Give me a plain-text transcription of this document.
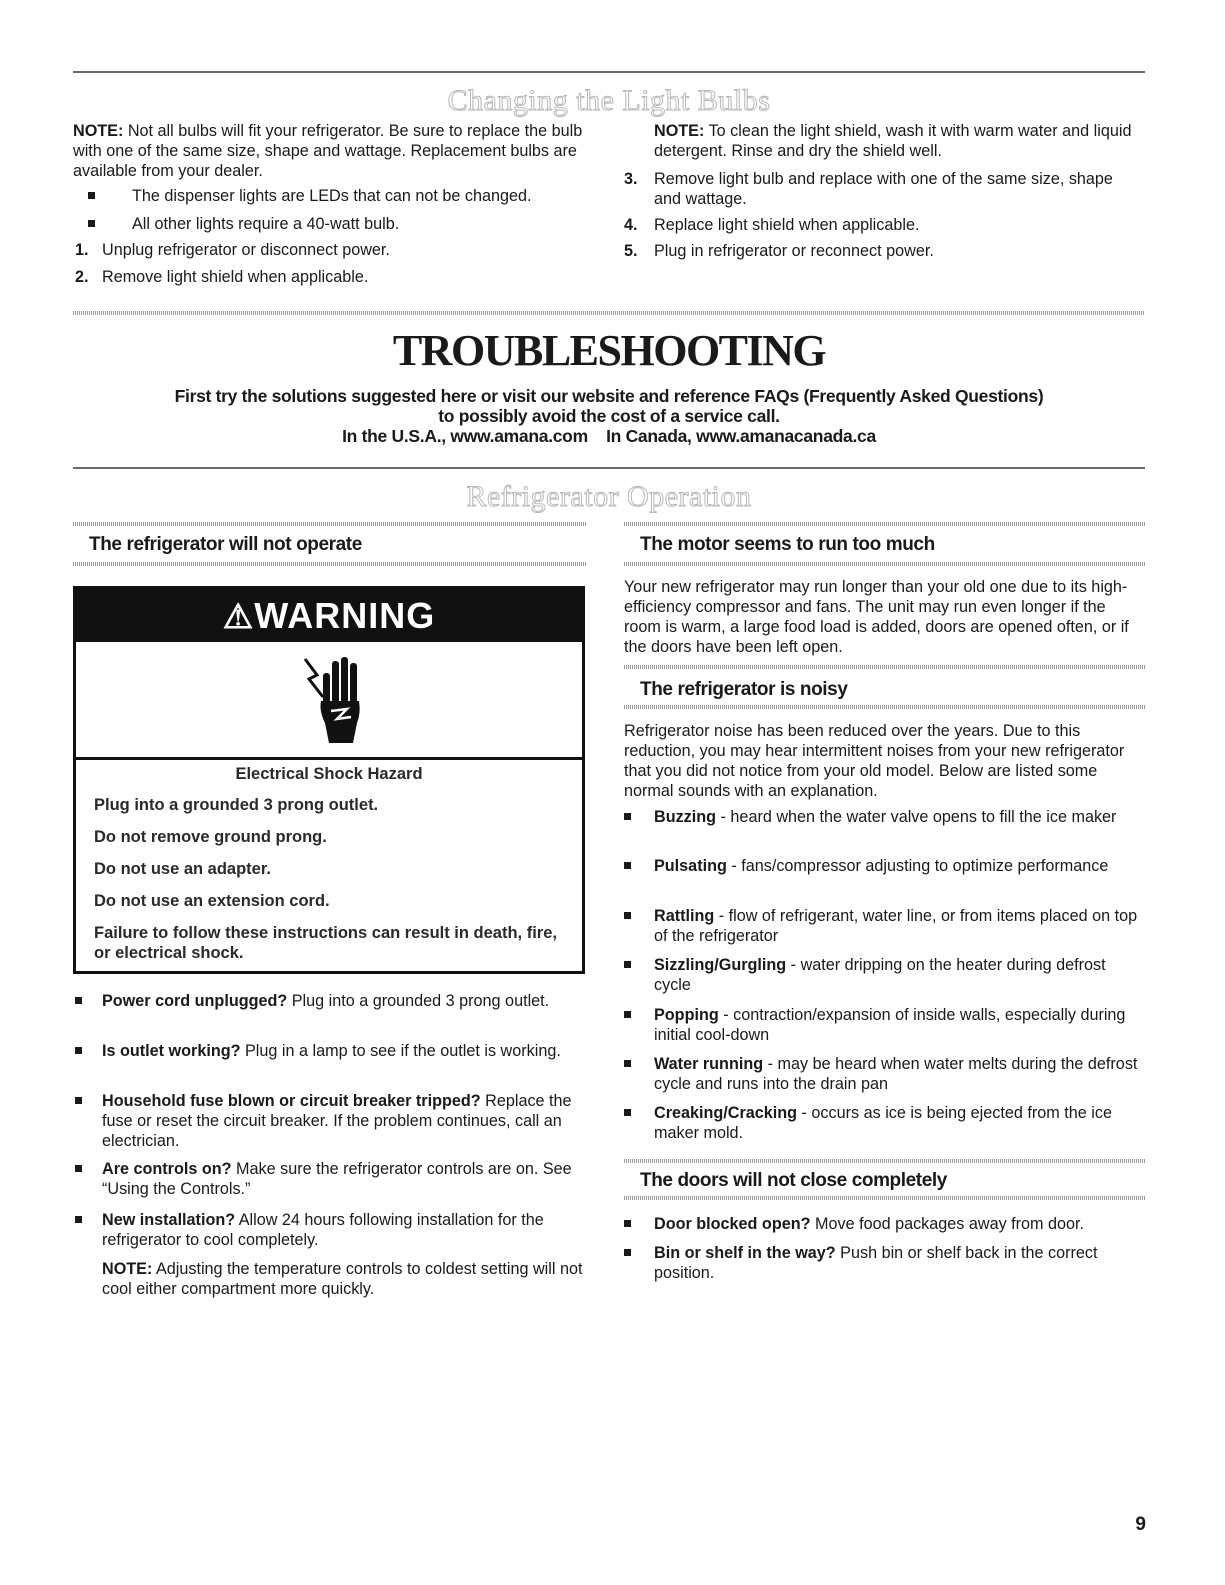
Changing the Light Bulbs
NOTE: Not all bulbs will fit your refrigerator. Be sure to replace the bulb with one of the same size, shape and wattage. Replacement bulbs are available from your dealer.
The dispenser lights are LEDs that can not be changed.
All other lights require a 40-watt bulb.
1. Unplug refrigerator or disconnect power.
2. Remove light shield when applicable.
NOTE: To clean the light shield, wash it with warm water and liquid detergent. Rinse and dry the shield well.
3. Remove light bulb and replace with one of the same size, shape and wattage.
4. Replace light shield when applicable.
5. Plug in refrigerator or reconnect power.
TROUBLESHOOTING
First try the solutions suggested here or visit our website and reference FAQs (Frequently Asked Questions)
to possibly avoid the cost of a service call.
In the U.S.A., www.amana.com    In Canada, www.amanacanada.ca
Refrigerator Operation
The refrigerator will not operate
⚠WARNING
Electrical Shock Hazard
Plug into a grounded 3 prong outlet.
Do not remove ground prong.
Do not use an adapter.
Do not use an extension cord.
Failure to follow these instructions can result in death, fire, or electrical shock.
Power cord unplugged? Plug into a grounded 3 prong outlet.
Is outlet working? Plug in a lamp to see if the outlet is working.
Household fuse blown or circuit breaker tripped? Replace the fuse or reset the circuit breaker. If the problem continues, call an electrician.
Are controls on? Make sure the refrigerator controls are on. See “Using the Controls.”
New installation? Allow 24 hours following installation for the refrigerator to cool completely.
NOTE: Adjusting the temperature controls to coldest setting will not cool either compartment more quickly.
The motor seems to run too much
Your new refrigerator may run longer than your old one due to its high-efficiency compressor and fans. The unit may run even longer if the room is warm, a large food load is added, doors are opened often, or if the doors have been left open.
The refrigerator is noisy
Refrigerator noise has been reduced over the years. Due to this reduction, you may hear intermittent noises from your new refrigerator that you did not notice from your old model. Below are listed some normal sounds with an explanation.
Buzzing - heard when the water valve opens to fill the ice maker
Pulsating - fans/compressor adjusting to optimize performance
Rattling - flow of refrigerant, water line, or from items placed on top of the refrigerator
Sizzling/Gurgling - water dripping on the heater during defrost cycle
Popping - contraction/expansion of inside walls, especially during initial cool-down
Water running - may be heard when water melts during the defrost cycle and runs into the drain pan
Creaking/Cracking - occurs as ice is being ejected from the ice maker mold.
The doors will not close completely
Door blocked open? Move food packages away from door.
Bin or shelf in the way? Push bin or shelf back in the correct position.
9
